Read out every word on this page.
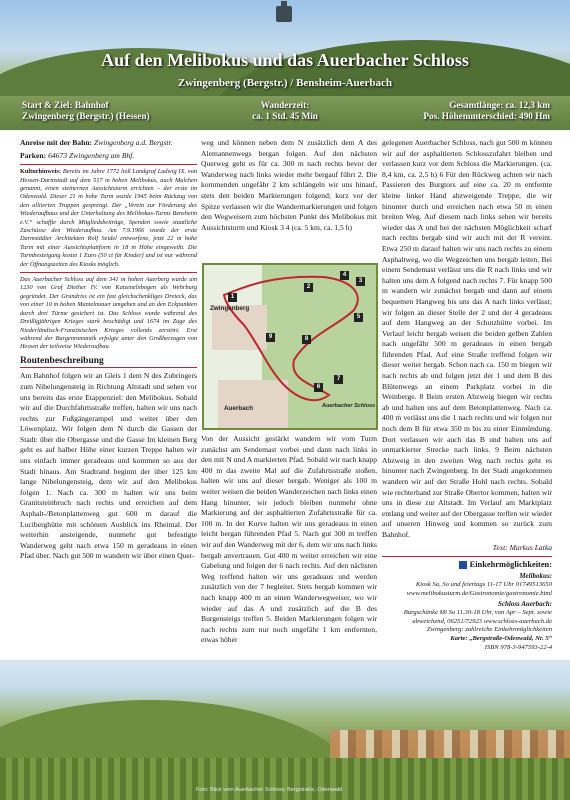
Auf den Melibokus und das Auerbacher Schloss
Zwingenberg (Bergstr.) / Bensheim-Auerbach
Start & Ziel: Bahnhof
Zwingenberg (Bergstr.) (Hessen)
Wanderzeit:
ca. 1 Std. 45 Min
Gesamtlänge: ca. 12,3 km
Pos. Höhenunterschied: 490 Hm

Anreise mit der Bahn: Zwingenberg a.d. Bergstr.

Parken: 64673 Zwingenberg am Bhf.

Kulturhinweis: Bereits im Jahre 1772 ließ Landgraf Ludwig IX. von Hessen-Darmstadt auf dem 517 m hohen Melibokus, auch Malchen genannt, einen steinernen Aussichtsturm errichten – der erste im Odenwald. Dieser 21 m hohe Turm wurde 1945 beim Rückzug von den alliierten Truppen gesprengt. Der „Verein zur Förderung des Wiederaufbaus und der Unterhaltung des Melibokus-Turms Bensheim e.V.“ schaffte durch Mitgliedsbeiträge, Spenden sowie staatliche Zuschüsse den Wiederaufbau. Am 7.9.1966 wurde der erste Darmstädter Architekten Rolf Seidel entworfene, jetzt 22 m hohe Turm mit einer Aussichtsplattform in 18 m Höhe eingeweiht. Die Turmbesteigung kostet 1 Euro (50 ct für Kinder) und ist nur während der Öffnungszeiten des Kiosks möglich.

Das Auerbacher Schloss auf dem 341 m hohen Auerberg wurde um 1230 von Graf Diether IV. von Katzenelnbogen als Wehrburg gegründet. Der Grundriss ist ein fast gleichschenkliges Dreieck, das von einer 10 m hohen Mantelmauer umgeben und an den Eckpunkten durch drei Türme gesichert ist. Das Schloss wurde während des Dreißigjährigen Krieges stark beschädigt und 1674 im Zuge des Niederländisch-Französischen Krieges vollends zerstört. Erst während der Burgenromantik erfolgte unter den Großherzogen von Hessen der teilweise Wiederaufbau.

Routenbeschreibung

Am Bahnhof folgen wir an Gleis 1 dem N des Zubringers zum Nibelungensteig in Richtung Altstadt und sehen vor uns bereits das erste Etappenziel: den Melibokus. Sobald wir auf die Durchfahrtsstraße treffen, halten wir uns nach rechts zur Fußgängerampel und weiter über den Löwenplatz. Wir folgen dem N durch die Gassen der Stadt: über die Obergasse und die Gasse Im kleinen Berg geht es auf halber Höhe einer kurzen Treppe halten wir uns einfach immer geradeaus und kommen so aus der Stadt hinaus. Am Stadtrand beginnt der über 125 km lange Nibelungensteig, dem wir auf den Melibokus folgen 1. Nach ca. 300 m halten wir uns beim Granitsteinbruch nach rechts und erreichen auf dem Asphalt-/Betonplattenweg gut 600 m darauf die Luciberghütte mit schönem Ausblick ins Rheintal. Der weiterhin ansteigende, nunmehr gut befestigte Wanderweg geht nach etwa 150 m geradeaus in einen Pfad über. Nach gut 500 m wandern wir über einen Quer-

weg und können neben dem N zusätzlich dem A des Alemannenwegs bergan folgen. Auf den nächsten Querweg geht es für ca. 300 m nach rechts bevor der Wanderweg nach links wieder mehr bergauf führt 2. Die kommenden ungefähr 2 km schlängeln wir uns hinauf, stets den beiden Markierungen folgend; kurz vor der Spitze verlassen wir die Wandermarkierungen und folgen den Wegweisern zum höchsten Punkt des Melibokus mit Aussichtsturm und Kiosk 3 4 (ca. 5 km, ca. 1,5 h)

Zwingenberg
Auerbach	Auerbacher Schloss
1
2
3
4
5
6
7
8
9

Von der Aussicht gestärkt wandern wir vom Turm zunächst am Sendemast vorbei und dann nach links in den mit N und A markierten Pfad. Sobald wir nach knapp 400 m das zweite Mal auf die Zufahrtsstraße stoßen, halten wir uns auf dieser bergab. Weniger als 100 m weiter weisen die beiden Wanderzeichen nach links einen Hang hinunter, wir jedoch bleiben nunmehr ohne Markierung auf der asphaltierten Zufahrtsstraße für ca. 100 m. In der Kurve halten wir uns geradeaus in einen leicht bergan führenden Pfad 5. Nach gut 300 m treffen wir auf den Wanderweg mit der 6, dem wir uns nach links bergab anvertrauen. Gut 400 m weiter erreichen wir eine Gabelung und folgen der 6 nach rechts. Auf den nächsten Weg treffend halten wir uns geradeaus und werden zusätzlich von der 7 begleitet. Stets bergab kommen wir nach knapp 400 m an einen Wanderwegweiser, wo wir wieder auf das A und zusätzlich auf die B des Burgensteigs treffen 5. Beiden Markierungen folgen wir nach rechts zum nur noch ungefähr 1 km entfernten, etwas höher

gelegenen Auerbacher Schloss, nach gut 500 m können wir auf der asphaltierten Schlosszufahrt bleiben und verlassen kurz vor dem Schloss die Markierungen. (ca. 8,4 km, ca. 2,5 h) 6 Für den Rückweg achten wir nach Passieren des Burgtors auf eine ca. 20 m entfernte kleine linker Hand abzweigende Treppe, die wir hinunter durch und erreichen nach etwa 50 m einen breiten Weg. Auf diesem nach links sehen wir bereits wieder das A und bei der nächsten Möglichkeit scharf nach rechts bergab sind wir auch mit der R vereint. Etwa 250 m darauf halten wir uns nach rechts zu einem Asphaltweg, wo die Wegzeichen uns bergab leiten. Bei einem Sendemast verlässt uns die R nach links und wir halten uns dem A folgend nach rechts 7. Für knapp 500 m wandern wir zunächst bergab und dann auf einem bequemen Hangweg bis uns das A nach links verlässt; wir folgen an dieser Stelle der 2 und der 4 geradeaus auf dem Hangweg an der Schutzhütte vorbei. Im Verlauf leicht bergab weisen die beiden gelben Zahlen nach ungefähr 500 m geradeaus in einen bergab führenden Pfad. Auf eine Straße treffend folgen wir dieser weiter bergab. Schon nach ca. 150 m biegen wir nach rechts ab und folgen jetzt der 1 und dem B des Blütenwegs an einem Parkplatz vorbei in die Weinberge. 8 Beim ersten Abzweig biegen wir rechts ab und halten uns auf dem Betonplattenweg. Nach ca. 400 m verlässt uns die 1 nach rechts und wir folgen nur noch dem B für etwa 350 m bis zu einer Einmündung. Dort verlassen wir auch das B und halten uns auf unmarkierter Strecke nach links. 9 Beim nächsten Abzweig in den zweiten Weg nach rechts geht es hinunter nach Zwingenberg. In der Stadt angekommen wandern wir auf der Straße Hohl nach rechts. Sobald wie rechterhand zur Straße Obertor kommen, halten wir uns in diese zur Altstadt. Im Verlauf am Marktplatz entlang und weiter auf der Obergasse treffen wir wieder auf unseren Hinweg und kommen so zurück zum Bahnhof.

Text: Markus Latka

Einkehrmöglichkeiten:
Melibokus:
Kiosk Sa, So und feiertags 11-17 Uhr 01749513650 www.melibokusturm.de/Gastronomie/gastronomie.html
Schloss Auerbach:
Burgschänke Mi So 11.30-18 Uhr, von Apr – Sept. sowie abweichend, 06251/72923 www.schloss-auerbach.de
Zwingenberg: zahlreiche Einkehrmöglichkeiten
Karte: „Bergstraße-Odenwald, Nr. 5“
ISBN 978-3-947593-22-4
Foto: Blick vom Auerbacher Schloss; Bergstraße, Odenwald
